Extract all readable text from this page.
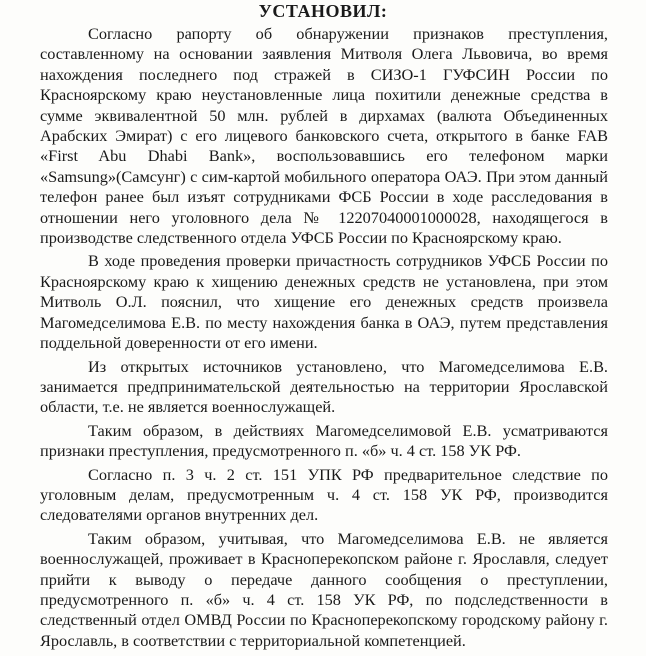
УСТАНОВИЛ:

Согласно рапорту об обнаружении признаков преступления, составленному на основании заявления Митволя Олега Львовича, во время нахождения последнего под стражей в СИЗО-1 ГУФСИН России по Красноярскому краю неустановленные лица похитили денежные средства в сумме эквивалентной 50 млн. рублей в дирхамах (валюта Объединенных Арабских Эмират) с его лицевого банковского счета, открытого в банке FAB «First Abu Dhabi Bank», воспользовавшись его телефоном марки «Samsung»(Самсунг) с сим-картой мобильного оператора ОАЭ. При этом данный телефон ранее был изъят сотрудниками ФСБ России в ходе расследования в отношении него уголовного дела № 12207040001000028, находящегося в производстве следственного отдела УФСБ России по Красноярскому краю.

В ходе проведения проверки причастность сотрудников УФСБ России по Красноярскому краю к хищению денежных средств не установлена, при этом Митволь О.Л. пояснил, что хищение его денежных средств произвела Магомедселимова Е.В. по месту нахождения банка в ОАЭ, путем представления поддельной доверенности от его имени.

Из открытых источников установлено, что Магомедселимова Е.В. занимается предпринимательской деятельностью на территории Ярославской области, т.е. не является военнослужащей.

Таким образом, в действиях Магомедселимовой Е.В. усматриваются признаки преступления, предусмотренного п. «б» ч. 4 ст. 158 УК РФ.

Согласно п. 3 ч. 2 ст. 151 УПК РФ предварительное следствие по уголовным делам, предусмотренным ч. 4 ст. 158 УК РФ, производится следователями органов внутренних дел.

Таким образом, учитывая, что Магомедселимова Е.В. не является военнослужащей, проживает в Красноперекопском районе г. Ярославля, следует прийти к выводу о передаче данного сообщения о преступлении, предусмотренного п. «б» ч. 4 ст. 158 УК РФ, по подследственности в следственный отдел ОМВД России по Красноперекопскому городскому району г. Ярославль, в соответствии с территориальной компетенцией.
